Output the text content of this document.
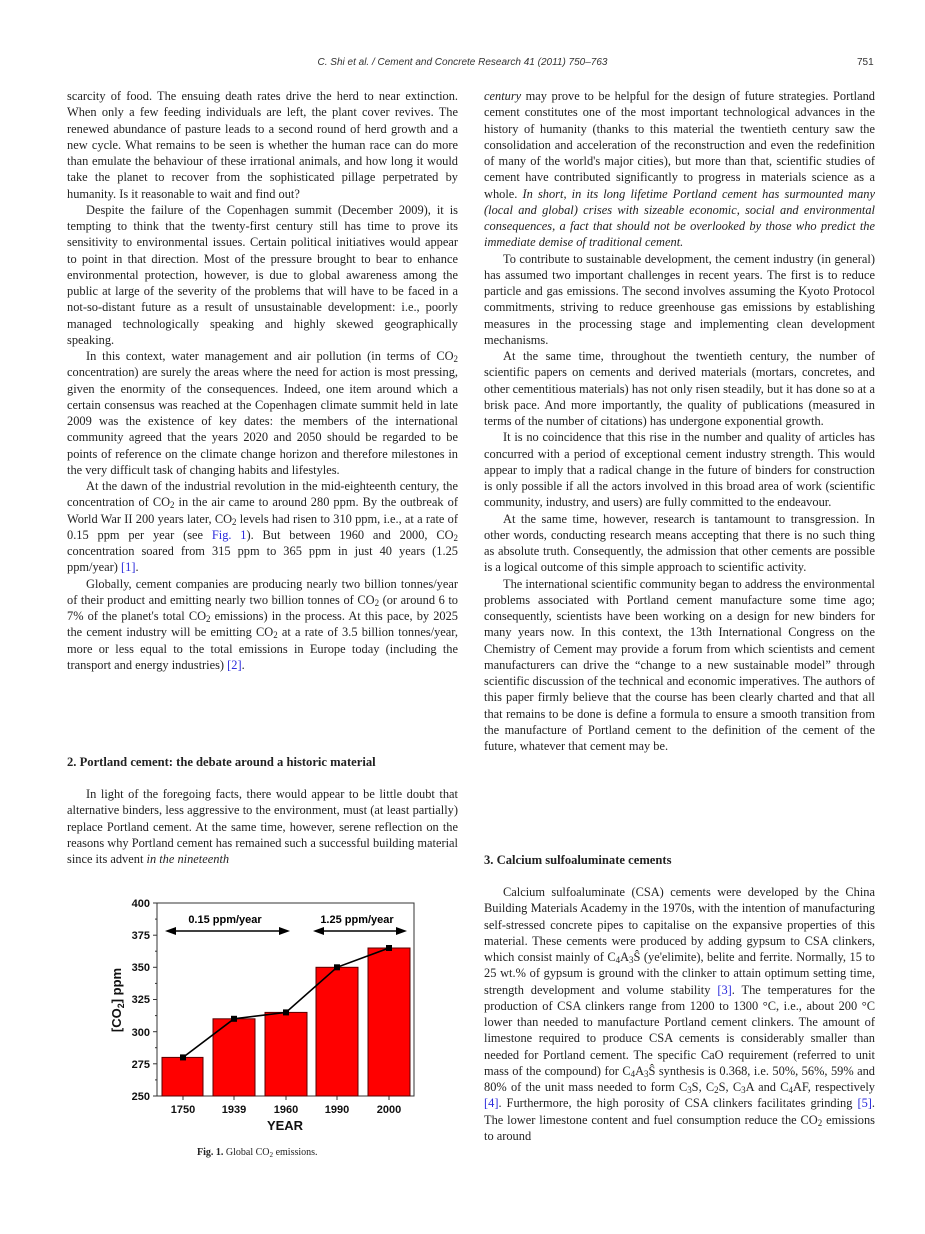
C. Shi et al. / Cement and Concrete Research 41 (2011) 750–763	751

scarcity of food. The ensuing death rates drive the herd to near extinction. When only a few feeding individuals are left, the plant cover revives. The renewed abundance of pasture leads to a second round of herd growth and a new cycle. What remains to be seen is whether the human race can do more than emulate the behaviour of these irrational animals, and how long it would take the planet to recover from the sophisticated pillage perpetrated by humanity. Is it reasonable to wait and find out?

Despite the failure of the Copenhagen summit (December 2009), it is tempting to think that the twenty-first century still has time to prove its sensitivity to environmental issues. Certain political initiatives would appear to point in that direction. Most of the pressure brought to bear to enhance environmental protection, however, is due to global awareness among the public at large of the severity of the problems that will have to be faced in a not-so-distant future as a result of unsustainable development: i.e., poorly managed technologically speaking and highly skewed geographically speaking.

In this context, water management and air pollution (in terms of $CO_2$ concentration) are surely the areas where the need for action is most pressing, given the enormity of the consequences. Indeed, one item around which a certain consensus was reached at the Copenhagen climate summit held in late 2009 was the existence of key dates: the members of the international community agreed that the years 2020 and 2050 should be regarded to be points of reference on the climate change horizon and therefore milestones in the very difficult task of changing habits and lifestyles.

At the dawn of the industrial revolution in the mid-eighteenth century, the concentration of $CO_2$ in the air came to around 280 ppm. By the outbreak of World War II 200 years later, $CO_2$ levels had risen to 310 ppm, i.e., at a rate of 0.15 ppm per year (see Fig. 1). But between 1960 and 2000, $CO_2$ concentration soared from 315 ppm to 365 ppm in just 40 years (1.25 ppm/year) [1].

Globally, cement companies are producing nearly two billion tonnes/year of their product and emitting nearly two billion tonnes of $CO_2$ (or around 6 to 7% of the planet's total $CO_2$ emissions) in the process. At this pace, by 2025 the cement industry will be emitting $CO_2$ at a rate of 3.5 billion tonnes/year, more or less equal to the total emissions in Europe today (including the transport and energy industries) [2].

2. Portland cement: the debate around a historic material

In light of the foregoing facts, there would appear to be little doubt that alternative binders, less aggressive to the environment, must (at least partially) replace Portland cement. At the same time, however, serene reflection on the reasons why Portland cement has remained such a successful building material since its advent in the nineteenth

400
375
350
325
300
275
250
0.15 ppm/year	1.25 ppm/year
1750 1939	1960 1990	2000
YEAR
$[CO_2]$ ppm
Fig. 1. Global $CO_2$ emissions.

century may prove to be helpful for the design of future strategies. Portland cement constitutes one of the most important technological advances in the history of humanity (thanks to this material the twentieth century saw the consolidation and acceleration of the reconstruction and even the redefinition of many of the world's major cities), but more than that, scientific studies of cement have contributed significantly to progress in materials science as a whole. In short, in its long lifetime Portland cement has surmounted many (local and global) crises with sizeable economic, social and environmental consequences, a fact that should not be overlooked by those who predict the immediate demise of traditional cement.

To contribute to sustainable development, the cement industry (in general) has assumed two important challenges in recent years. The first is to reduce particle and gas emissions. The second involves assuming the Kyoto Protocol commitments, striving to reduce greenhouse gas emissions by establishing measures in the processing stage and implementing clean development mechanisms.

At the same time, throughout the twentieth century, the number of scientific papers on cements and derived materials (mortars, concretes, and other cementitious materials) has not only risen steadily, but it has done so at a brisk pace. And more importantly, the quality of publications (measured in terms of the number of citations) has undergone exponential growth.

It is no coincidence that this rise in the number and quality of articles has concurred with a period of exceptional cement industry strength. This would appear to imply that a radical change in the future of binders for construction is only possible if all the actors involved in this broad area of work (scientific community, industry, and users) are fully committed to the endeavour.

At the same time, however, research is tantamount to transgression. In other words, conducting research means accepting that there is no such thing as absolute truth. Consequently, the admission that other cements are possible is a logical outcome of this simple approach to scientific activity.

The international scientific community began to address the environmental problems associated with Portland cement manufacture some time ago; consequently, scientists have been working on a design for new binders for many years now. In this context, the 13th International Congress on the Chemistry of Cement may provide a forum from which scientists and cement manufacturers can drive the “change to a new sustainable model” through scientific discussion of the technical and economic imperatives. The authors of this paper firmly believe that the course has been clearly charted and that all that remains to be done is define a formula to ensure a smooth transition from the manufacture of Portland cement to the definition of the cement of the future, whatever that cement may be.

3. Calcium sulfoaluminate cements

Calcium sulfoaluminate (CSA) cements were developed by the China Building Materials Academy in the 1970s, with the intention of manufacturing self-stressed concrete pipes to capitalise on the expansive properties of this material. These cements were produced by adding gypsum to CSA clinkers, which consist mainly of $C_4A_3Ŝ$ (ye'elimite), belite and ferrite. Normally, 15 to 25 wt.% of gypsum is ground with the clinker to attain optimum setting time, strength development and volume stability [3]. The temperatures for the production of CSA clinkers range from 1200 to 1300 °C, i.e., about 200 °C lower than needed to manufacture Portland cement clinkers. The amount of limestone required to produce CSA cements is considerably smaller than needed for Portland cement. The specific CaO requirement (referred to unit mass of the compound) for $C_4A_3Ŝ$ synthesis is 0.368, i.e. 50%, 56%, 59% and 80% of the unit mass needed to form $C_3S$, $C_2S$, $C_3A$ and $C_4AF$, respectively [4]. Furthermore, the high porosity of CSA clinkers facilitates grinding [5]. The lower limestone content and fuel consumption reduce the $CO_2$ emissions to around
